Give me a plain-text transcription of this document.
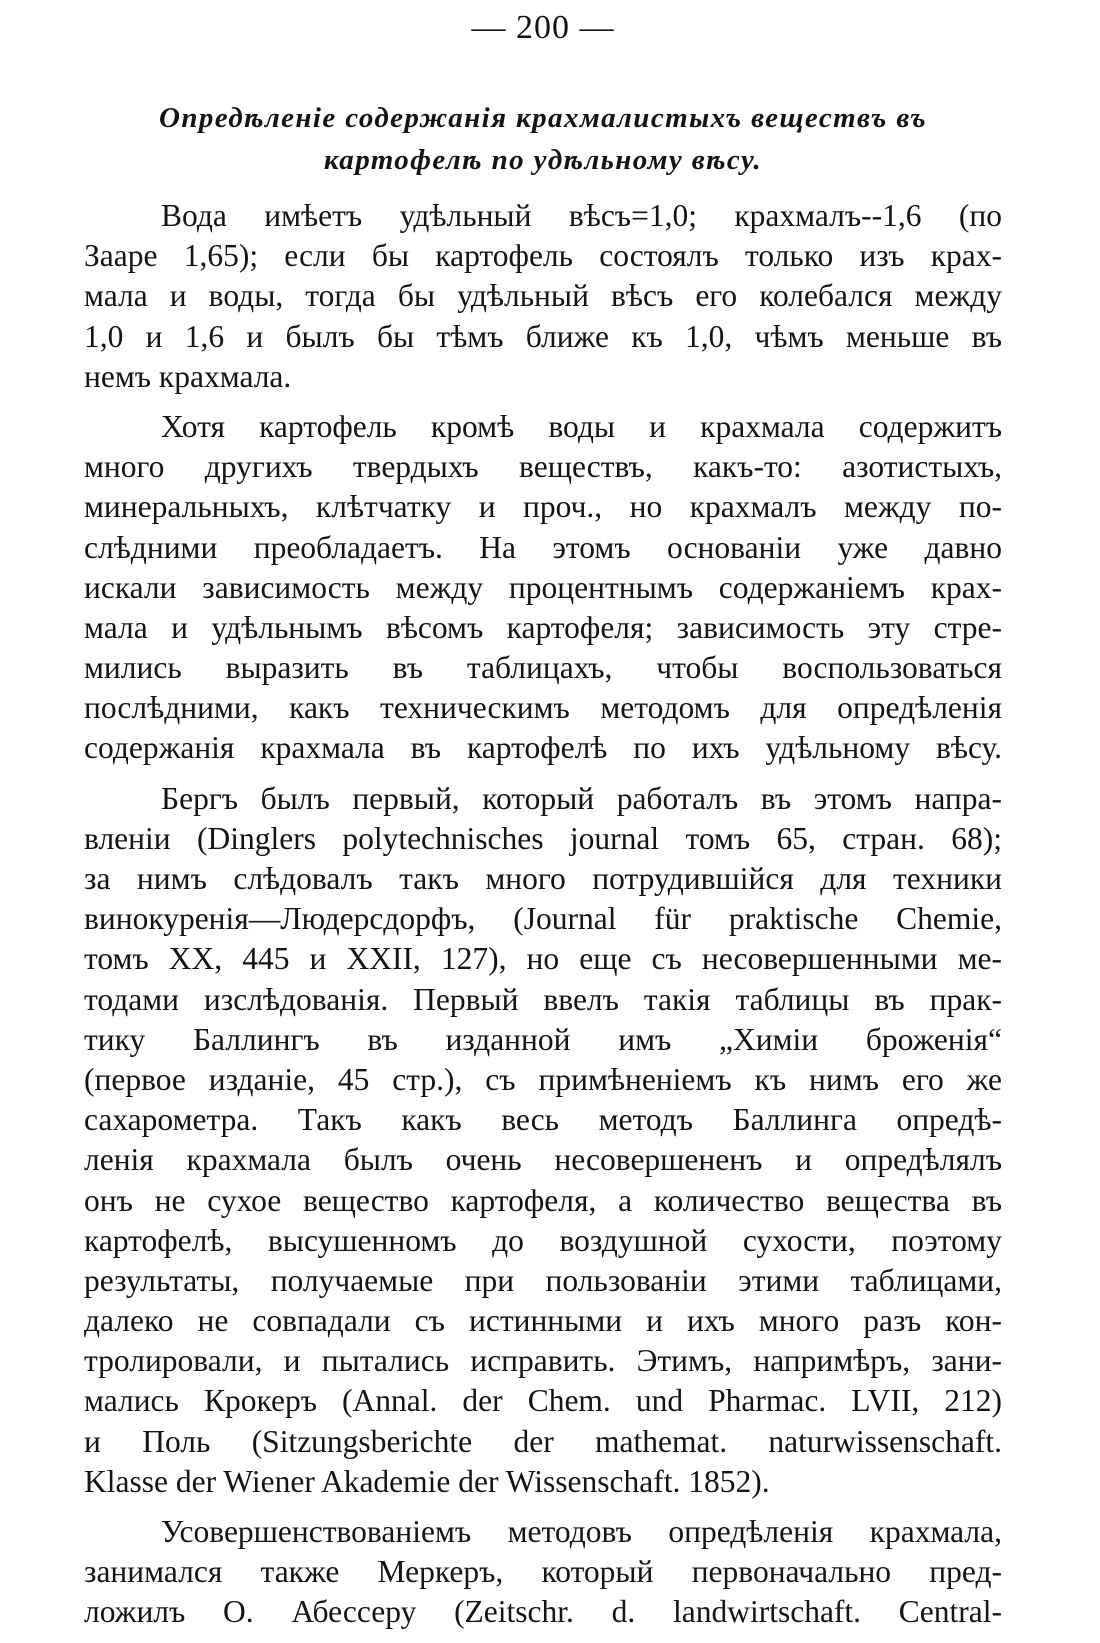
— 200 —
Опредѣленіе содержанія крахмалистыхъ веществъ въ
картофелѣ по удѣльному вѣсу.
Вода имѣетъ удѣльный вѣсъ=1,0; крахмалъ--1,6 (по
Заарe 1,65); если бы картофель состоялъ только изъ крах-
мала и воды, тогда бы удѣльный вѣсъ его колебался между
1,0 и 1,6 и былъ бы тѣмъ ближе къ 1,0, чѣмъ меньше въ
немъ крахмала.
Хотя картофель кромѣ воды и крахмала содержитъ
много другихъ твердыхъ веществъ, какъ-то: азотистыхъ,
минеральныхъ, клѣтчатку и проч., но крахмалъ между по-
слѣдними преобладаетъ. На этомъ основаніи уже давно
искали зависимость между процентнымъ содержаніемъ крах-
мала и удѣльнымъ вѣсомъ картофеля; зависимость эту стре-
мились выразить въ таблицахъ, чтобы воспользоваться
послѣдними, какъ техническимъ методомъ для опредѣленія
содержанія крахмала въ картофелѣ по ихъ удѣльному вѣсу.
Бергъ былъ первый, который работалъ въ этомъ напра-
вленіи (Dinglers polytechnisches journal томъ 65, стран. 68);
за нимъ слѣдовалъ такъ много потрудившійся для техники
винокуренія—Людерсдорфъ, (Journal für praktische Chemie,
томъ XX, 445 и XXII, 127), но еще съ несовершенными ме-
тодами изслѣдованія. Первый ввелъ такія таблицы въ прак-
тику Баллингъ въ изданной имъ „Химіи броженія“
(первое изданіе, 45 стр.), съ примѣненіемъ къ нимъ его же
сахарометра. Такъ какъ весь методъ Баллинга опредѣ-
ленія крахмала былъ очень несовершененъ и опредѣлялъ
онъ не сухое вещество картофеля, а количество вещества въ
картофелѣ, высушенномъ до воздушной сухости, поэтому
результаты, получаемые при пользованіи этими таблицами,
далеко не совпадали съ истинными и ихъ много разъ кон-
тролировали, и пытались исправить. Этимъ, напримѣръ, зани-
мались Крокеръ (Annal. der Chem. und Pharmac. LVII, 212)
и Поль (Sitzungsberichte der mathemat. naturwissenschaft.
Klasse der Wiener Akademie der Wissenschaft. 1852).
Усовершенствованіемъ методовъ опредѣленія крахмала,
занимался также Меркеръ, который первоначально пред-
ложилъ О. Абессеру (Zeitschr. d. landwirtschaft. Central-
